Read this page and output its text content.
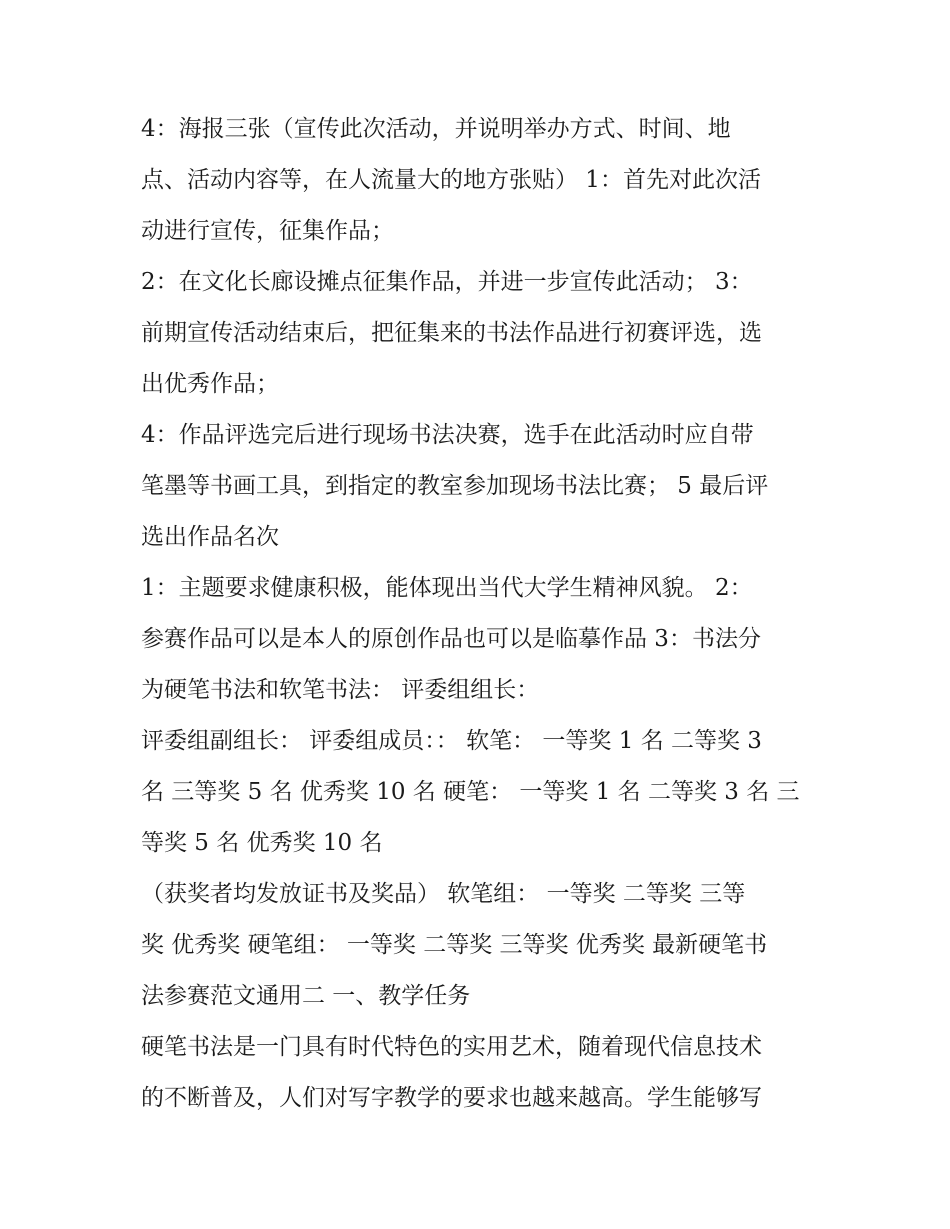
4：海报三张（宣传此次活动，并说明举办方式、时间、地
点、活动内容等，在人流量大的地方张贴） 1：首先对此次活
动进行宣传，征集作品；
2：在文化长廊设摊点征集作品，并进一步宣传此活动； 3：
前期宣传活动结束后，把征集来的书法作品进行初赛评选，选
出优秀作品；
4：作品评选完后进行现场书法决赛，选手在此活动时应自带
笔墨等书画工具，到指定的教室参加现场书法比赛； 5 最后评
选出作品名次
1：主题要求健康积极，能体现出当代大学生精神风貌。 2：
参赛作品可以是本人的原创作品也可以是临摹作品 3：书法分
为硬笔书法和软笔书法： 评委组组长：
评委组副组长： 评委组成员：： 软笔： 一等奖 1 名 二等奖 3
名 三等奖 5 名 优秀奖 10 名 硬笔： 一等奖 1 名 二等奖 3 名 三
等奖 5 名 优秀奖 10 名
（获奖者均发放证书及奖品） 软笔组： 一等奖 二等奖 三等
奖 优秀奖 硬笔组： 一等奖 二等奖 三等奖 优秀奖 最新硬笔书
法参赛范文通用二 一、教学任务
硬笔书法是一门具有时代特色的实用艺术，随着现代信息技术
的不断普及，人们对写字教学的要求也越来越高。学生能够写
